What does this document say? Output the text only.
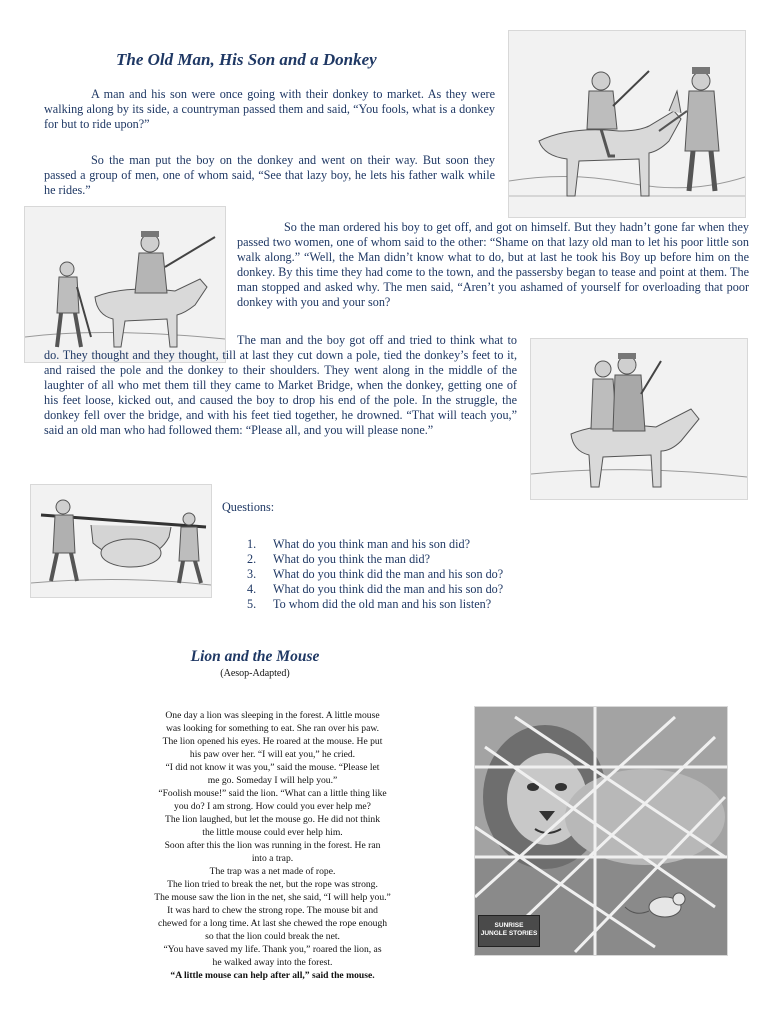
The Old Man, His Son and a Donkey
A man and his son were once going with their donkey to market. As they were walking along by its side, a countryman passed them and said, “You fools, what is a donkey for but to ride upon?”
So the man put the boy on the donkey and went on their way. But soon they passed a group of men, one of whom said, “See that lazy boy, he lets his father walk while he rides.”
So the man ordered his boy to get off, and got on himself. But they hadn’t gone far when they passed two women, one of whom said to the other: “Shame on that lazy old man to let his poor little son walk along.” “Well, the Man didn’t know what to do, but at last he took his Boy up before him on the donkey. By this time they had come to the town, and the passersby began to tease and point at them. The man stopped and asked why. The men said, “Aren’t you ashamed of yourself for overloading that poor donkey with you and your son?
The man and the boy got off and tried to think what to do. They thought and they thought, till at last they cut down a pole, tied the donkey’s feet to it, and raised the pole and the donkey to their shoulders. They went along in the middle of the laughter of all who met them till they came to Market Bridge, when the donkey, getting one of his feet loose, kicked out, and caused the boy to drop his end of the pole. In the struggle, the donkey fell over the bridge, and with his feet tied together, he drowned. “That will teach you,” said an old man who had followed them: “Please all, and you will please none.”
Questions:
1.	What do you think man and his son did?
2.	What do you think the man did?
3.	What do you think did the man and his son do?
4.	What do you think did the man and his son do?
5.	To whom did the old man and his son listen?
Lion and the Mouse
(Aesop-Adapted)

One day a lion was sleeping in the forest. A little mouse

was looking for something to eat. She ran over his paw.

The lion opened his eyes. He roared at the mouse. He put

his paw over her. “I will eat you,” he cried.

“I did not know it was you,” said the mouse. “Please let

me go. Someday I will help you.”

“Foolish mouse!” said the lion. “What can a little thing like

you do? I am strong. How could you ever help me?

The lion laughed, but let the mouse go. He did not think

the little mouse could ever help him.

Soon after this the lion was running in the forest. He ran

into a trap.

The trap was a net made of rope.

The lion tried to break the net, but the rope was strong.

The mouse saw the lion in the net, she said, “I will help you.”

It was hard to chew the strong rope. The mouse bit and

chewed for a long time. At last she chewed the rope enough

so that the lion could break the net.

“You have saved my life. Thank you,” roared the lion, as

he walked away into the forest.

“A little mouse can help after all,” said the mouse.

SUNRISE
JUNGLE STORIES
